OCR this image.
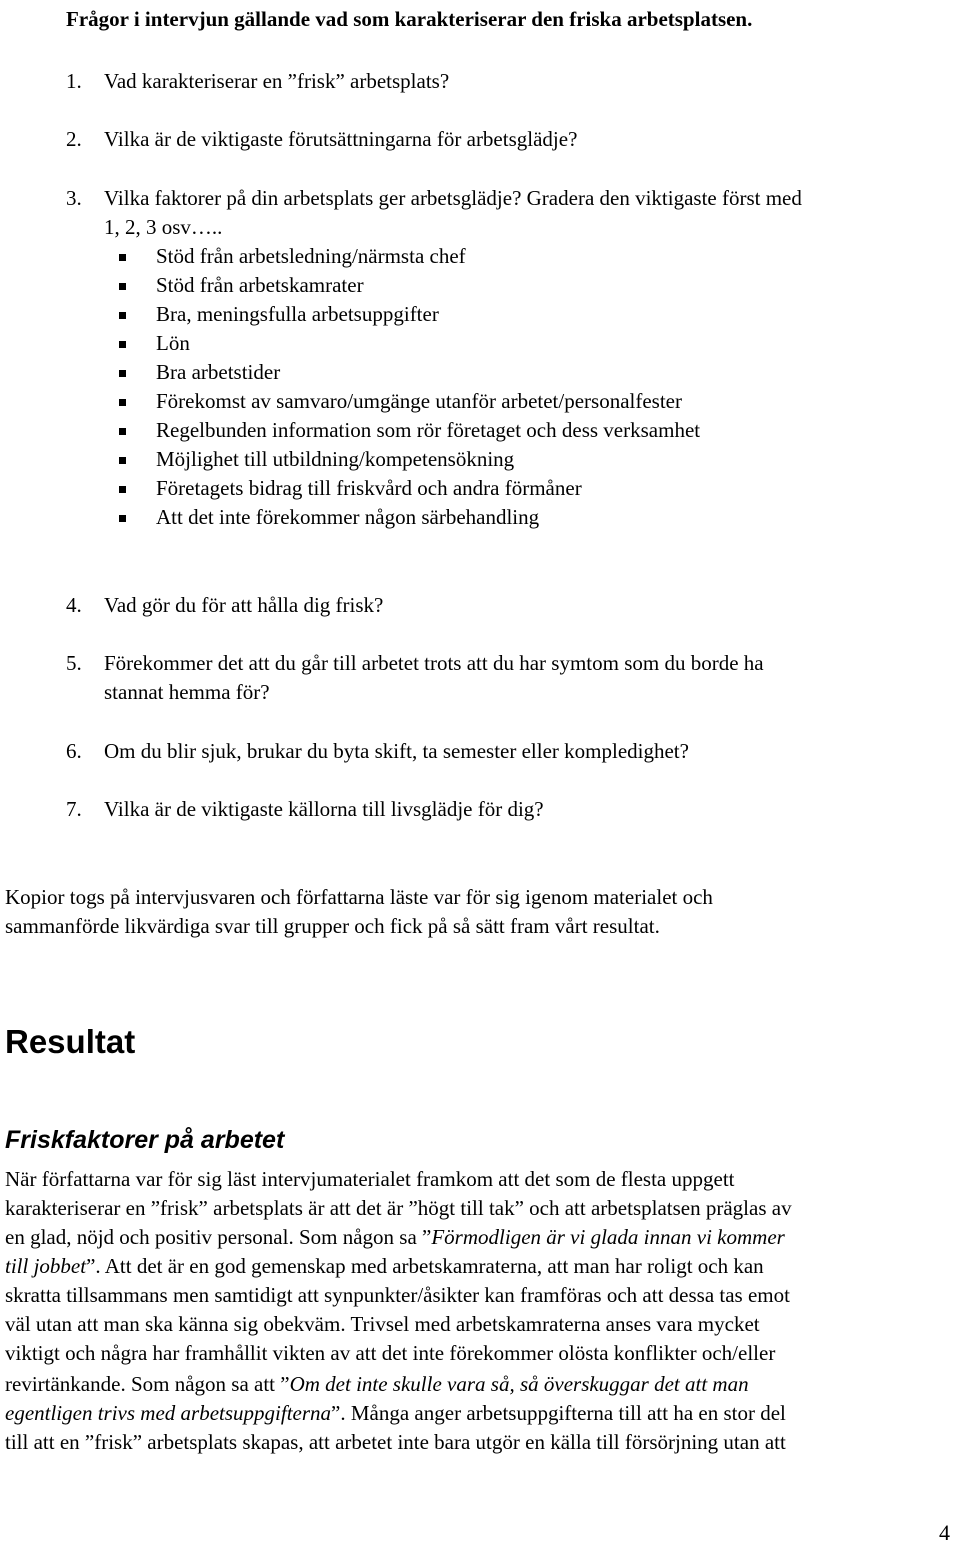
Frågor i intervjun gällande vad som karakteriserar den friska arbetsplatsen.
1. Vad karakteriserar en ”frisk” arbetsplats?
2. Vilka är de viktigaste förutsättningarna för arbetsglädje?
3. Vilka faktorer på din arbetsplats ger arbetsglädje? Gradera den viktigaste först med
1, 2, 3 osv…..
Stöd från arbetsledning/närmsta chef
Stöd från arbetskamrater
Bra, meningsfulla arbetsuppgifter
Lön
Bra arbetstider
Förekomst av samvaro/umgänge utanför arbetet/personalfester
Regelbunden information som rör företaget och dess verksamhet
Möjlighet till utbildning/kompetensökning
Företagets bidrag till friskvård och andra förmåner
Att det inte förekommer någon särbehandling
4. Vad gör du för att hålla dig frisk?
5. Förekommer det att du går till arbetet trots att du har symtom som du borde ha
stannat hemma för?
6. Om du blir sjuk, brukar du byta skift, ta semester eller kompledighet?
7. Vilka är de viktigaste källorna till livsglädje för dig?
Kopior togs på intervjusvaren och författarna läste var för sig igenom materialet och
sammanförde likvärdiga svar till grupper och fick på så sätt fram vårt resultat.
Resultat
Friskfaktorer på arbetet
När författarna var för sig läst intervjumaterialet framkom att det som de flesta uppgett
karakteriserar en ”frisk” arbetsplats är att det är ”högt till tak” och att arbetsplatsen präglas av
en glad, nöjd och positiv personal. Som någon sa ”Förmodligen är vi glada innan vi kommer
till jobbet”. Att det är en god gemenskap med arbetskamraterna, att man har roligt och kan
skratta tillsammans men samtidigt att synpunkter/åsikter kan framföras och att dessa tas emot
väl utan att man ska känna sig obekväm. Trivsel med arbetskamraterna anses vara mycket
viktigt och några har framhållit vikten av att det inte förekommer olösta konflikter och/eller
revirtänkande. Som någon sa att ”Om det inte skulle vara så, så överskuggar det att man
egentligen trivs med arbetsuppgifterna”. Många anger arbetsuppgifterna till att ha en stor del
till att en ”frisk” arbetsplats skapas, att arbetet inte bara utgör en källa till försörjning utan att
4
